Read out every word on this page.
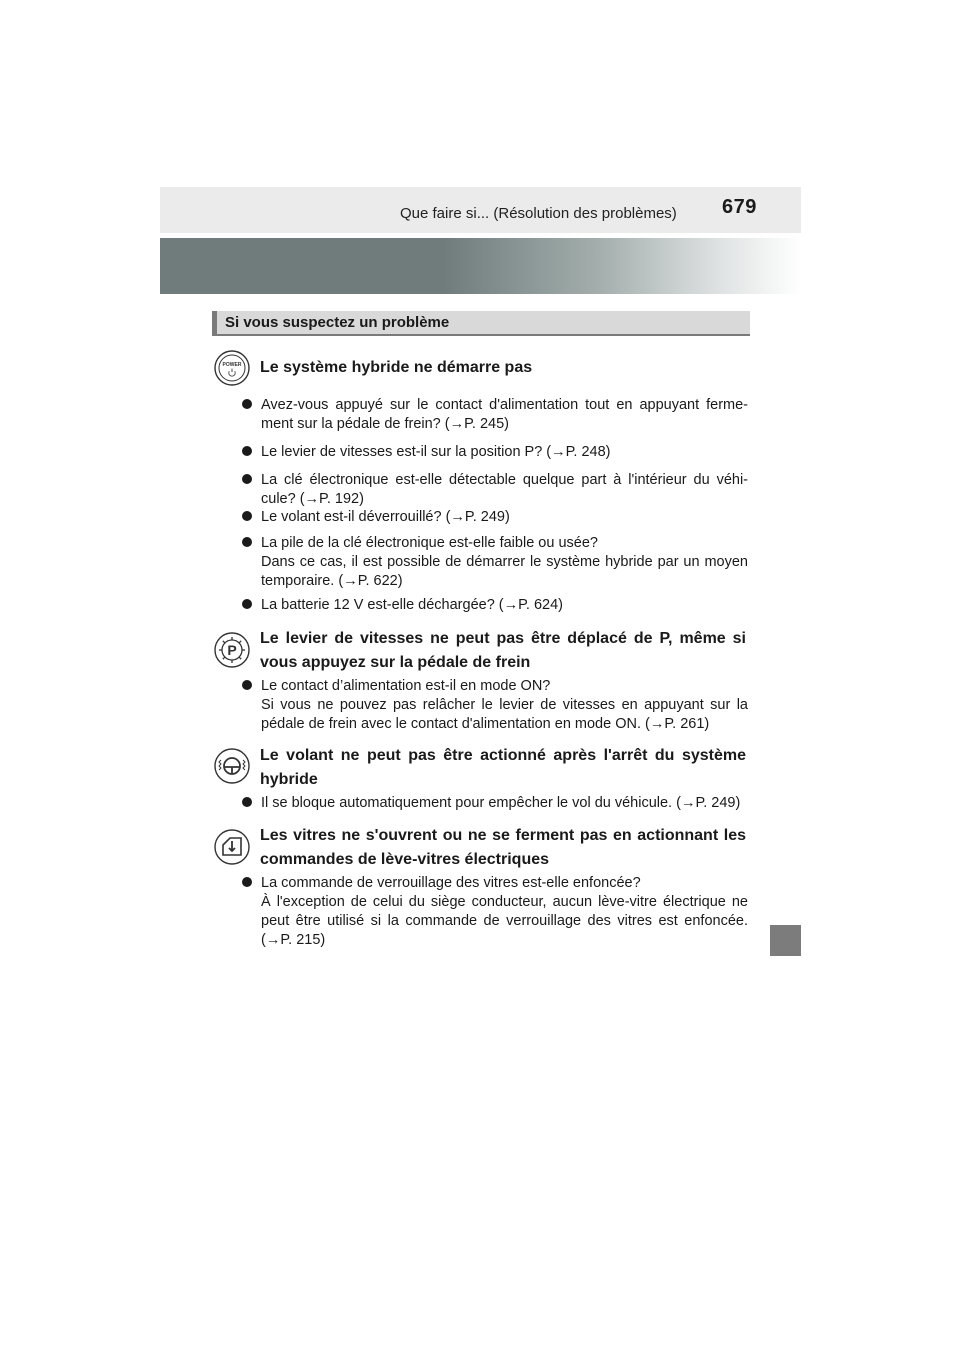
Que faire si... (Résolution des problèmes) 679
Si vous suspectez un problème
POWER Le système hybride ne démarre pas
Avez-vous appuyé sur le contact d'alimentation tout en appuyant ferme- ment sur la pédale de frein? (→P. 245)
Le levier de vitesses est-il sur la position P? (→P. 248)
La clé électronique est-elle détectable quelque part à l'intérieur du véhi- cule? (→P. 192)
Le volant est-il déverrouillé? (→P. 249)
La pile de la clé électronique est-elle faible ou usée?
Dans ce cas, il est possible de démarrer le système hybride par un moyen temporaire. (→P. 622)
La batterie 12 V est-elle déchargée? (→P. 624)
P
Le levier de vitesses ne peut pas être déplacé de P, même si vous appuyez sur la pédale de frein
Le contact d’alimentation est-il en mode ON?
Si vous ne pouvez pas relâcher le levier de vitesses en appuyant sur la pédale de frein avec le contact d'alimentation en mode ON. (→P. 261)
Le volant ne peut pas être actionné après l'arrêt du système hybride
Il se bloque automatiquement pour empêcher le vol du véhicule. (→P. 249)
Les vitres ne s'ouvrent ou ne se ferment pas en actionnant les commandes de lève-vitres électriques
La commande de verrouillage des vitres est-elle enfoncée?
À l'exception de celui du siège conducteur, aucun lève-vitre électrique ne peut être utilisé si la commande de verrouillage des vitres est enfoncée. (→P. 215)
